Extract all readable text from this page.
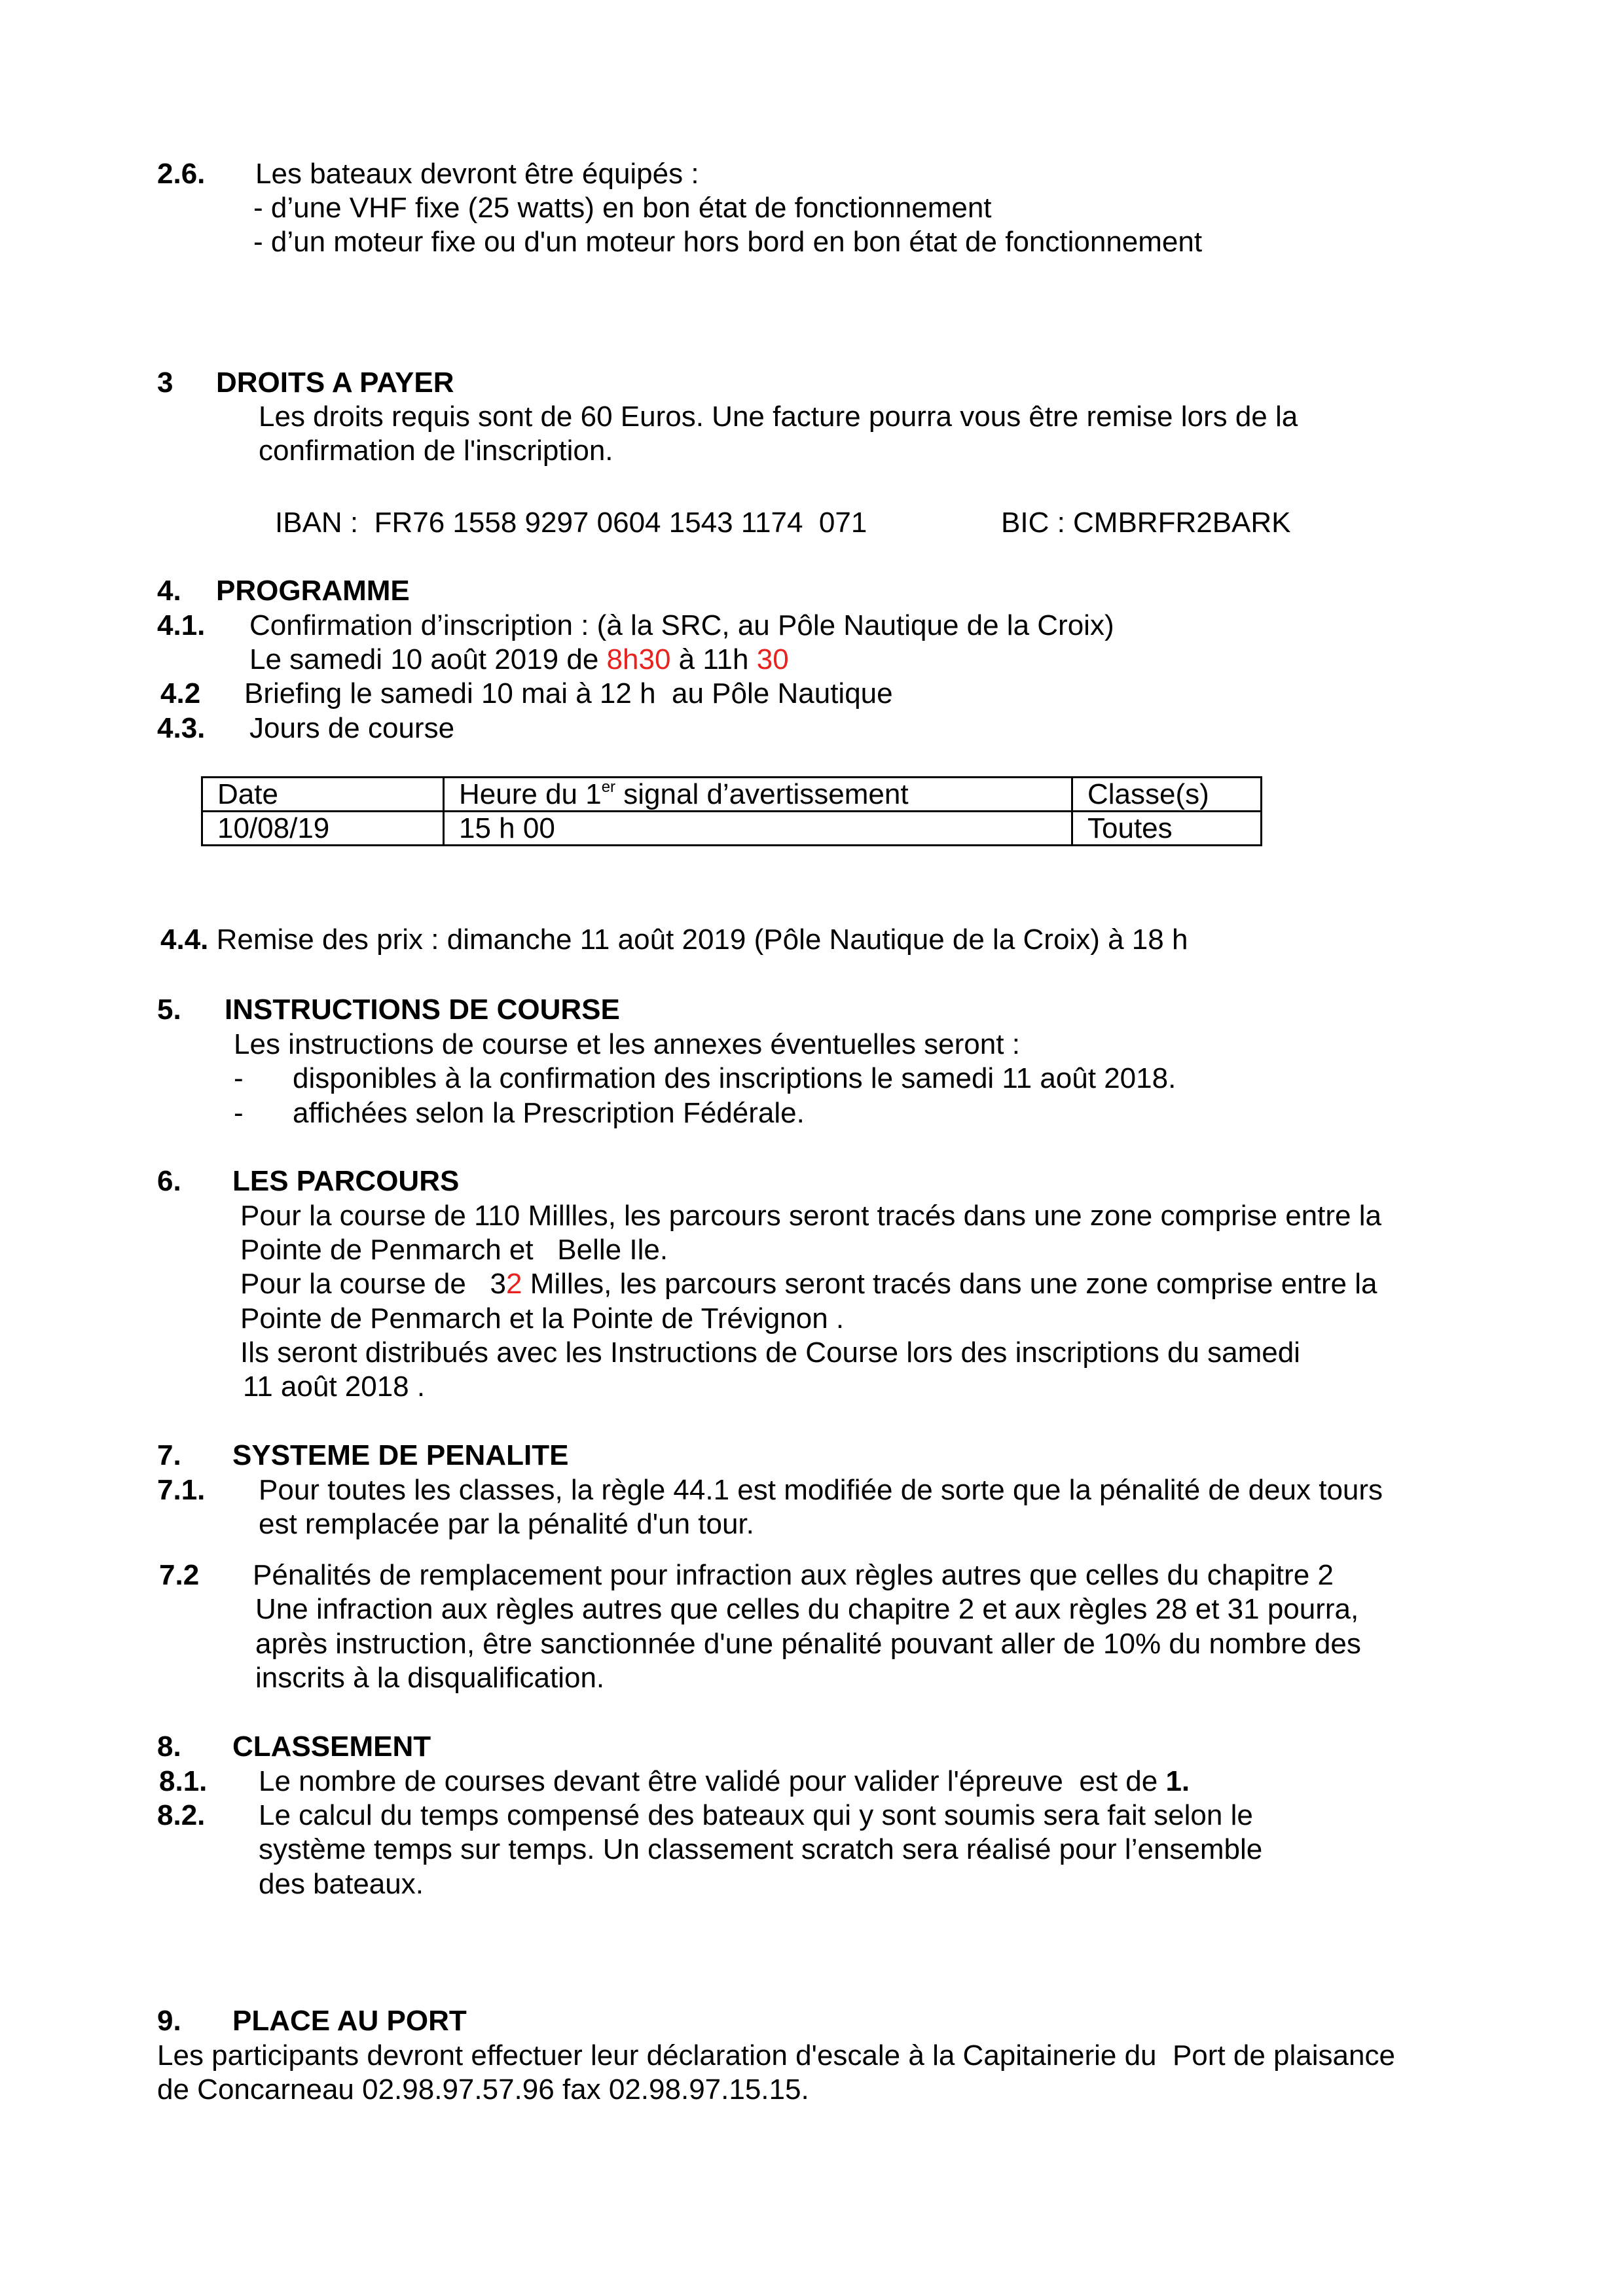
2.6. Les bateaux devront être équipés :
- d’une VHF fixe (25 watts) en bon état de fonctionnement
- d’un moteur fixe ou d'un moteur hors bord en bon état de fonctionnement
3 DROITS A PAYER
Les droits requis sont de 60 Euros. Une facture pourra vous être remise lors de la
confirmation de l'inscription.
IBAN :  FR76 1558 9297 0604 1543 1174  071	BIC : CMBRFR2BARK
4. PROGRAMME
4.1. Confirmation d’inscription : (à la SRC, au Pôle Nautique de la Croix)
Le samedi 10 août 2019 de 8h30 à 11h 30
4.2 Briefing le samedi 10 mai à 12 h  au Pôle Nautique
4.3. Jours de course
Date	Heure du 1er signal d’avertissement	Classe(s)
10/08/19	15 h 00	Toutes
4.4. Remise des prix : dimanche 11 août 2019 (Pôle Nautique de la Croix) à 18 h
5. INSTRUCTIONS DE COURSE
Les instructions de course et les annexes éventuelles seront :
- disponibles à la confirmation des inscriptions le samedi 11 août 2018.
- affichées selon la Prescription Fédérale.
6. LES PARCOURS
Pour la course de 110 Millles, les parcours seront tracés dans une zone comprise entre la
Pointe de Penmarch et   Belle Ile.
Pour la course de   32 Milles, les parcours seront tracés dans une zone comprise entre la
Pointe de Penmarch et la Pointe de Trévignon .
Ils seront distribués avec les Instructions de Course lors des inscriptions du samedi
11 août 2018 .
7. SYSTEME DE PENALITE
7.1. Pour toutes les classes, la règle 44.1 est modifiée de sorte que la pénalité de deux tours
est remplacée par la pénalité d'un tour.
7.2 Pénalités de remplacement pour infraction aux règles autres que celles du chapitre 2
Une infraction aux règles autres que celles du chapitre 2 et aux règles 28 et 31 pourra,
après instruction, être sanctionnée d'une pénalité pouvant aller de 10% du nombre des
inscrits à la disqualification.
8. CLASSEMENT
8.1. Le nombre de courses devant être validé pour valider l'épreuve  est de 1.
8.2. Le calcul du temps compensé des bateaux qui y sont soumis sera fait selon le
système temps sur temps. Un classement scratch sera réalisé pour l’ensemble
des bateaux.
9. PLACE AU PORT
Les participants devront effectuer leur déclaration d'escale à la Capitainerie du  Port de plaisance
de Concarneau 02.98.97.57.96 fax 02.98.97.15.15.
